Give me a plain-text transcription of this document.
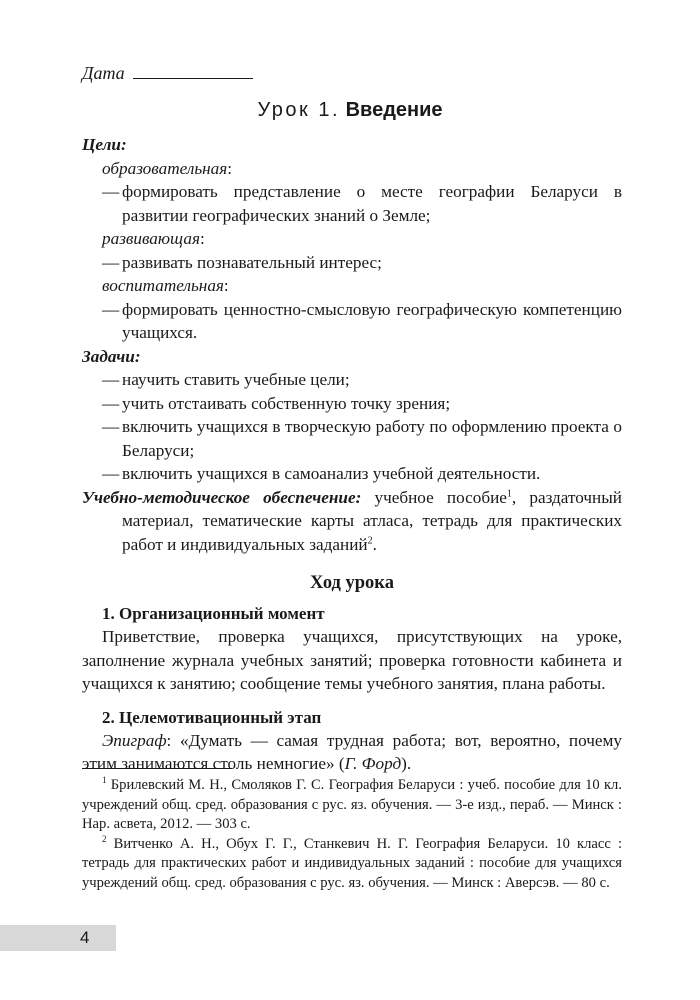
Дата
Урок 1. Введение
Цели:
образовательная:
— формировать представление о месте географии Беларуси в развитии географических знаний о Земле;
развивающая:
— развивать познавательный интерес;
воспитательная:
— формировать ценностно-смысловую географическую компетенцию учащихся.
Задачи:
— научить ставить учебные цели;
— учить отстаивать собственную точку зрения;
— включить учащихся в творческую работу по оформлению проекта о Беларуси;
— включить учащихся в самоанализ учебной деятельности.
Учебно-методическое обеспечение: учебное пособие$^1$, раздаточный материал, тематические карты атласа, тетрадь для практических работ и индивидуальных заданий$^2$.
Ход урока
1. Организационный момент
Приветствие, проверка учащихся, присутствующих на уроке, заполнение журнала учебных занятий; проверка готовности кабинета и учащихся к занятию; сообщение темы учебного занятия, плана работы.
2. Целемотивационный этап
Эпиграф: «Думать — самая трудная работа; вот, вероятно, почему этим занимаются столь немногие» (Г. Форд).
$^1$ Брилевский М. Н., Смоляков Г. С. География Беларуси : учеб. пособие для 10 кл. учреждений общ. сред. образования с рус. яз. обучения. — 3-е изд., пераб. — Минск : Нар. асвета, 2012. — 303 с.
$^2$ Витченко А. Н., Обух Г. Г., Станкевич Н. Г. География Беларуси. 10 класс : тетрадь для практических работ и индивидуальных заданий : пособие для учащихся учреждений общ. сред. образования с рус. яз. обучения. — Минск : Аверсэв. — 80 с.
4
